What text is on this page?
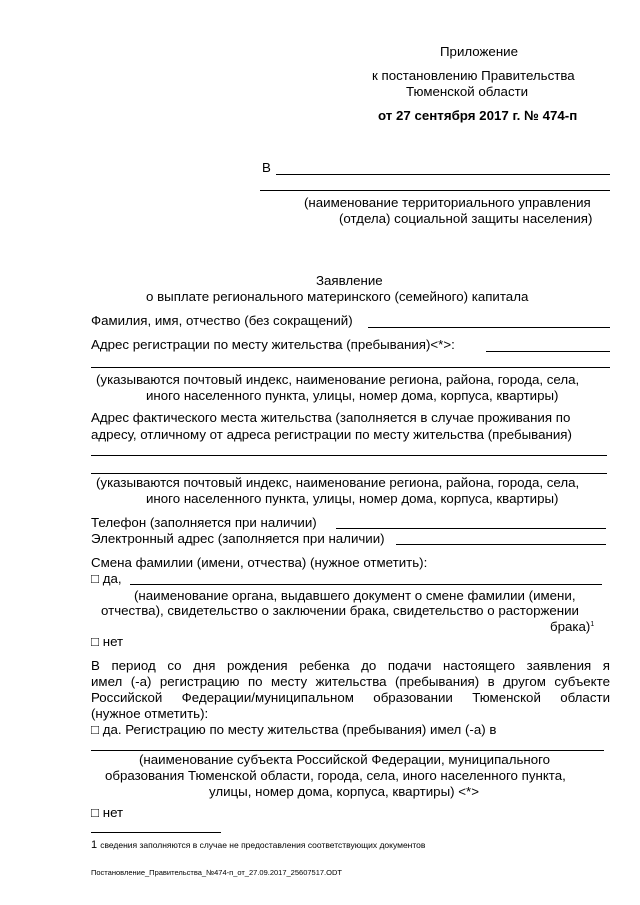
Приложение
к постановлению Правительства
Тюменской области
от 27 сентября 2017 г. № 474-п
В
(наименование территориального управления
(отдела) социальной защиты населения)
Заявление
о выплате регионального материнского (семейного) капитала
Фамилия, имя, отчество (без сокращений)
Адрес регистрации по месту жительства (пребывания)<*>:
(указываются почтовый индекс, наименование региона, района, города, села,
иного населенного пункта, улицы, номер дома, корпуса, квартиры)
Адрес фактического места жительства (заполняется в случае проживания по
адресу, отличному от адреса регистрации по месту жительства (пребывания)
(указываются почтовый индекс, наименование региона, района, города, села,
иного населенного пункта, улицы, номер дома, корпуса, квартиры)
Телефон (заполняется при наличии)
Электронный адрес (заполняется при наличии)
Смена фамилии (имени, отчества) (нужное отметить):
□ да,
(наименование органа, выдавшего документ о смене фамилии (имени,
отчества), свидетельство о заключении брака, свидетельство о расторжении
брака)$^1$
□ нет
В период со дня рождения ребенка до подачи настоящего заявления я
имел (-а) регистрацию по месту жительства (пребывания) в другом субъекте
Российской Федерации/муниципальном образовании Тюменской области
(нужное отметить):
□ да. Регистрацию по месту жительства (пребывания) имел (-а) в
(наименование субъекта Российской Федерации, муниципального
образования Тюменской области, города, села, иного населенного пункта,
улицы, номер дома, корпуса, квартиры) <*>
□ нет
1 сведения заполняются в случае не предоставления соответствующих документов
Постановление_Правительства_№474-п_от_27.09.2017_25607517.ODT
